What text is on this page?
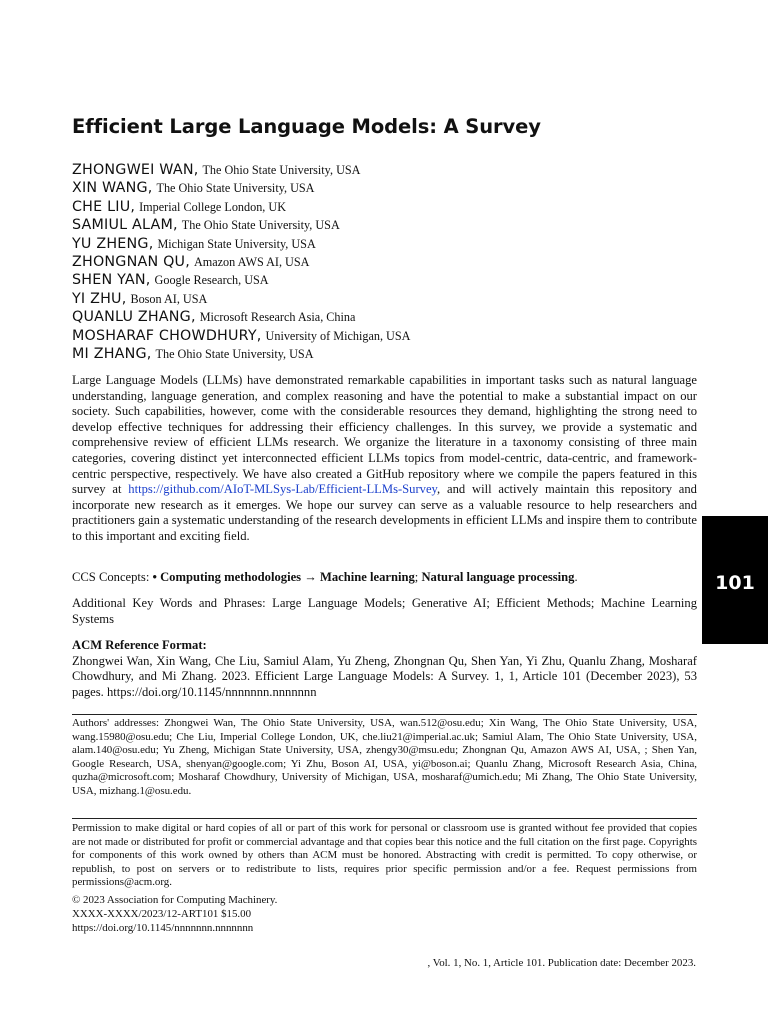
Efficient Large Language Models: A Survey
ZHONGWEI WAN, The Ohio State University, USA
XIN WANG, The Ohio State University, USA
CHE LIU, Imperial College London, UK
SAMIUL ALAM, The Ohio State University, USA
YU ZHENG, Michigan State University, USA
ZHONGNAN QU, Amazon AWS AI, USA
SHEN YAN, Google Research, USA
YI ZHU, Boson AI, USA
QUANLU ZHANG, Microsoft Research Asia, China
MOSHARAF CHOWDHURY, University of Michigan, USA
MI ZHANG, The Ohio State University, USA

Large Language Models (LLMs) have demonstrated remarkable capabilities in important tasks such as natural language understanding, language generation, and complex reasoning and have the potential to make a substantial impact on our society. Such capabilities, however, come with the considerable resources they demand, highlighting the strong need to develop effective techniques for addressing their efficiency challenges. In this survey, we provide a systematic and comprehensive review of efficient LLMs research. We organize the literature in a taxonomy consisting of three main categories, covering distinct yet interconnected efficient LLMs topics from model-centric, data-centric, and framework-centric perspective, respectively. We have also created a GitHub repository where we compile the papers featured in this survey at https://github.com/AIoT-MLSys-Lab/Efficient-LLMs-Survey, and will actively maintain this repository and incorporate new research as it emerges. We hope our survey can serve as a valuable resource to help researchers and practitioners gain a systematic understanding of the research developments in efficient LLMs and inspire them to contribute to this important and exciting field.

CCS Concepts: • Computing methodologies → Machine learning; Natural language processing.

Additional Key Words and Phrases: Large Language Models; Generative AI; Efficient Methods; Machine Learning Systems

ACM Reference Format:
Zhongwei Wan, Xin Wang, Che Liu, Samiul Alam, Yu Zheng, Zhongnan Qu, Shen Yan, Yi Zhu, Quanlu Zhang, Mosharaf Chowdhury, and Mi Zhang. 2023. Efficient Large Language Models: A Survey. 1, 1, Article 101 (December 2023), 53 pages. https://doi.org/10.1145/nnnnnnn.nnnnnnn

Authors' addresses: Zhongwei Wan, The Ohio State University, USA, wan.512@osu.edu; Xin Wang, The Ohio State University, USA, wang.15980@osu.edu; Che Liu, Imperial College London, UK, che.liu21@imperial.ac.uk; Samiul Alam, The Ohio State University, USA, alam.140@osu.edu; Yu Zheng, Michigan State University, USA, zhengy30@msu.edu; Zhongnan Qu, Amazon AWS AI, USA, ; Shen Yan, Google Research, USA, shenyan@google.com; Yi Zhu, Boson AI, USA, yi@boson.ai; Quanlu Zhang, Microsoft Research Asia, China, quzha@microsoft.com; Mosharaf Chowdhury, University of Michigan, USA, mosharaf@umich.edu; Mi Zhang, The Ohio State University, USA, mizhang.1@osu.edu.

Permission to make digital or hard copies of all or part of this work for personal or classroom use is granted without fee provided that copies are not made or distributed for profit or commercial advantage and that copies bear this notice and the full citation on the first page. Copyrights for components of this work owned by others than ACM must be honored. Abstracting with credit is permitted. To copy otherwise, or republish, to post on servers or to redistribute to lists, requires prior specific permission and/or a fee. Request permissions from permissions@acm.org.

© 2023 Association for Computing Machinery.
XXXX-XXXX/2023/12-ART101 $15.00
https://doi.org/10.1145/nnnnnnn.nnnnnnn
, Vol. 1, No. 1, Article 101. Publication date: December 2023.
101
